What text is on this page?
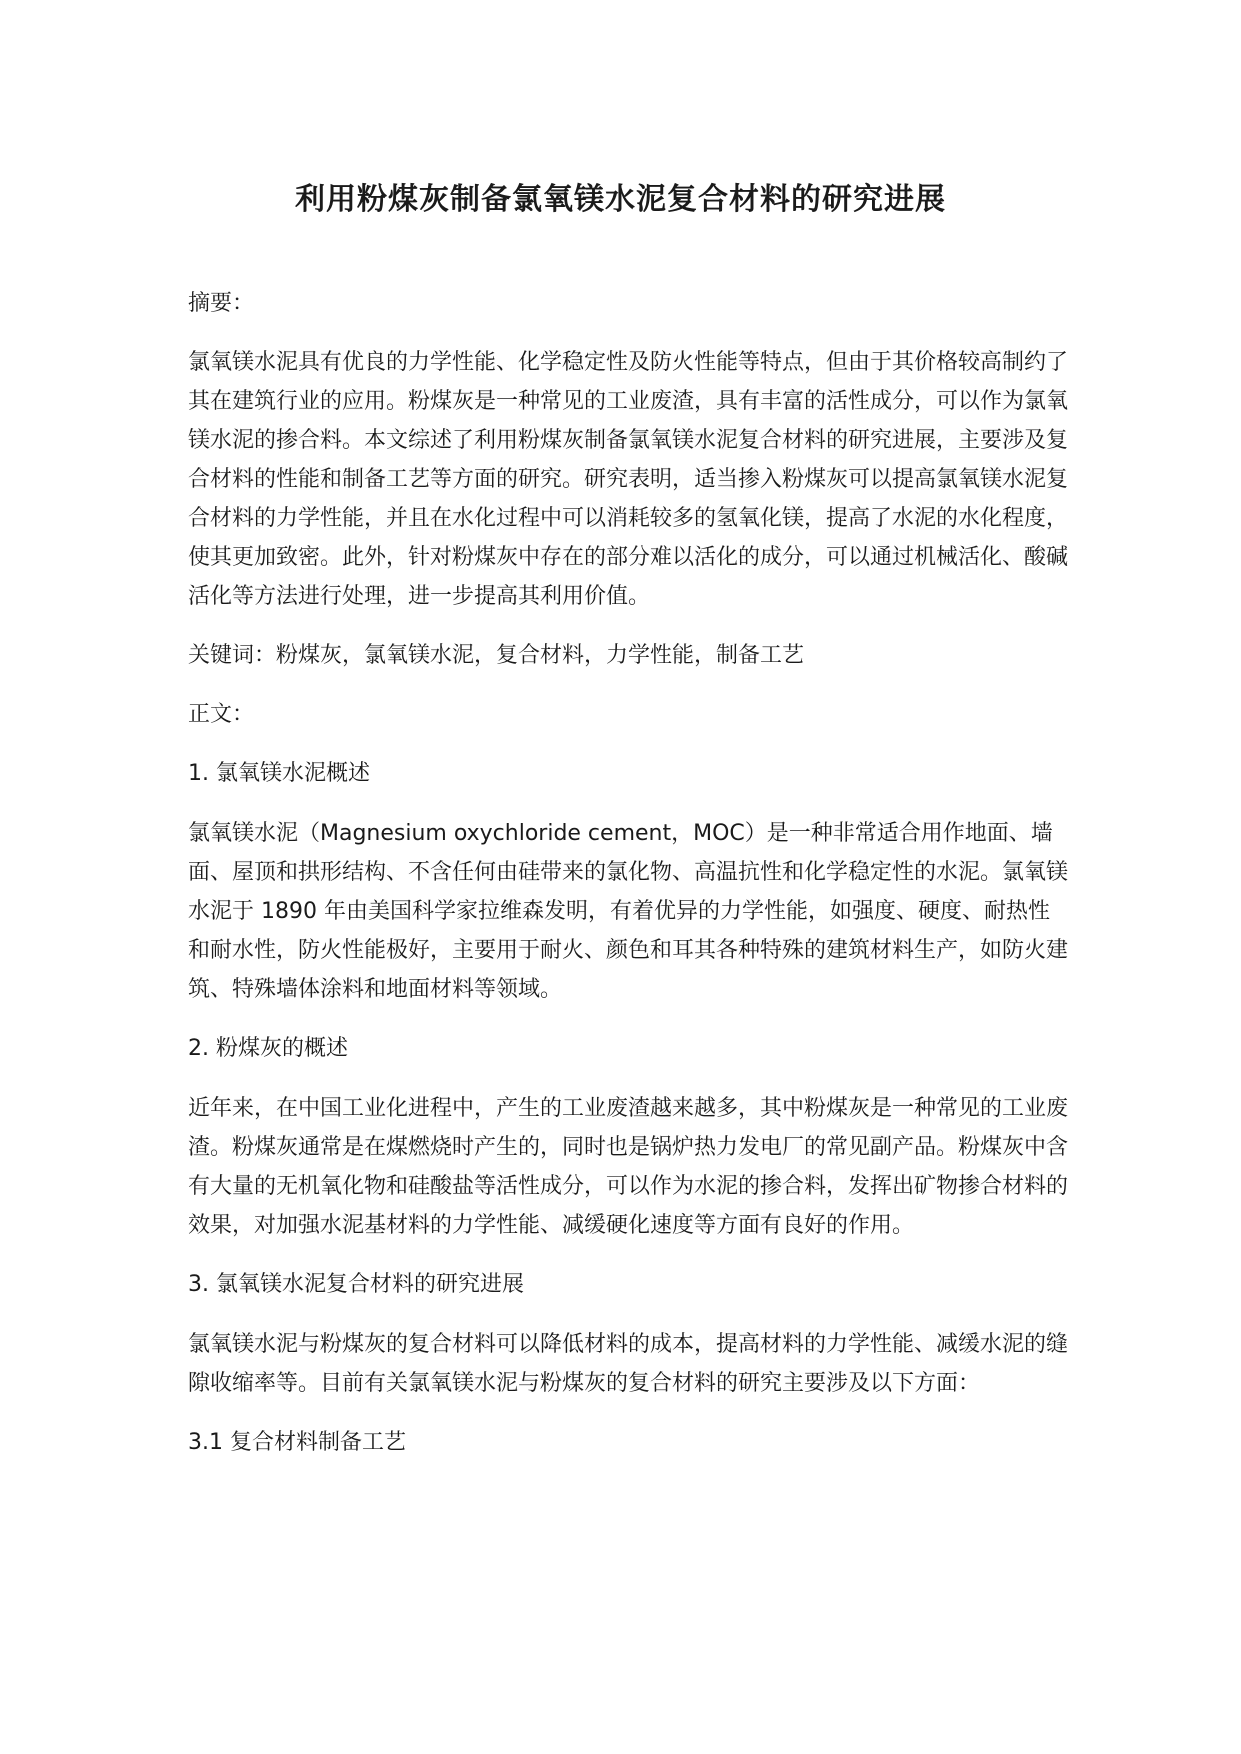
利用粉煤灰制备氯氧镁水泥复合材料的研究进展

摘要：

氯氧镁水泥具有优良的力学性能、化学稳定性及防火性能等特点，但由于其价格较高制约了其在建筑行业的应用。粉煤灰是一种常见的工业废渣，具有丰富的活性成分，可以作为氯氧镁水泥的掺合料。本文综述了利用粉煤灰制备氯氧镁水泥复合材料的研究进展，主要涉及复合材料的性能和制备工艺等方面的研究。研究表明，适当掺入粉煤灰可以提高氯氧镁水泥复合材料的力学性能，并且在水化过程中可以消耗较多的氢氧化镁，提高了水泥的水化程度，使其更加致密。此外，针对粉煤灰中存在的部分难以活化的成分，可以通过机械活化、酸碱活化等方法进行处理，进一步提高其利用价值。

关键词：粉煤灰，氯氧镁水泥，复合材料，力学性能，制备工艺

正文：

1. 氯氧镁水泥概述

氯氧镁水泥（Magnesium oxychloride cement，MOC）是一种非常适合用作地面、墙面、屋顶和拱形结构、不含任何由硅带来的氯化物、高温抗性和化学稳定性的水泥。氯氧镁水泥于 1890 年由美国科学家拉维森发明，有着优异的力学性能，如强度、硬度、耐热性和耐水性，防火性能极好，主要用于耐火、颜色和耳其各种特殊的建筑材料生产，如防火建筑、特殊墙体涂料和地面材料等领域。

2. 粉煤灰的概述

近年来，在中国工业化进程中，产生的工业废渣越来越多，其中粉煤灰是一种常见的工业废渣。粉煤灰通常是在煤燃烧时产生的，同时也是锅炉热力发电厂的常见副产品。粉煤灰中含有大量的无机氧化物和硅酸盐等活性成分，可以作为水泥的掺合料，发挥出矿物掺合材料的效果，对加强水泥基材料的力学性能、减缓硬化速度等方面有良好的作用。

3. 氯氧镁水泥复合材料的研究进展

氯氧镁水泥与粉煤灰的复合材料可以降低材料的成本，提高材料的力学性能、减缓水泥的缝隙收缩率等。目前有关氯氧镁水泥与粉煤灰的复合材料的研究主要涉及以下方面：

3.1 复合材料制备工艺
